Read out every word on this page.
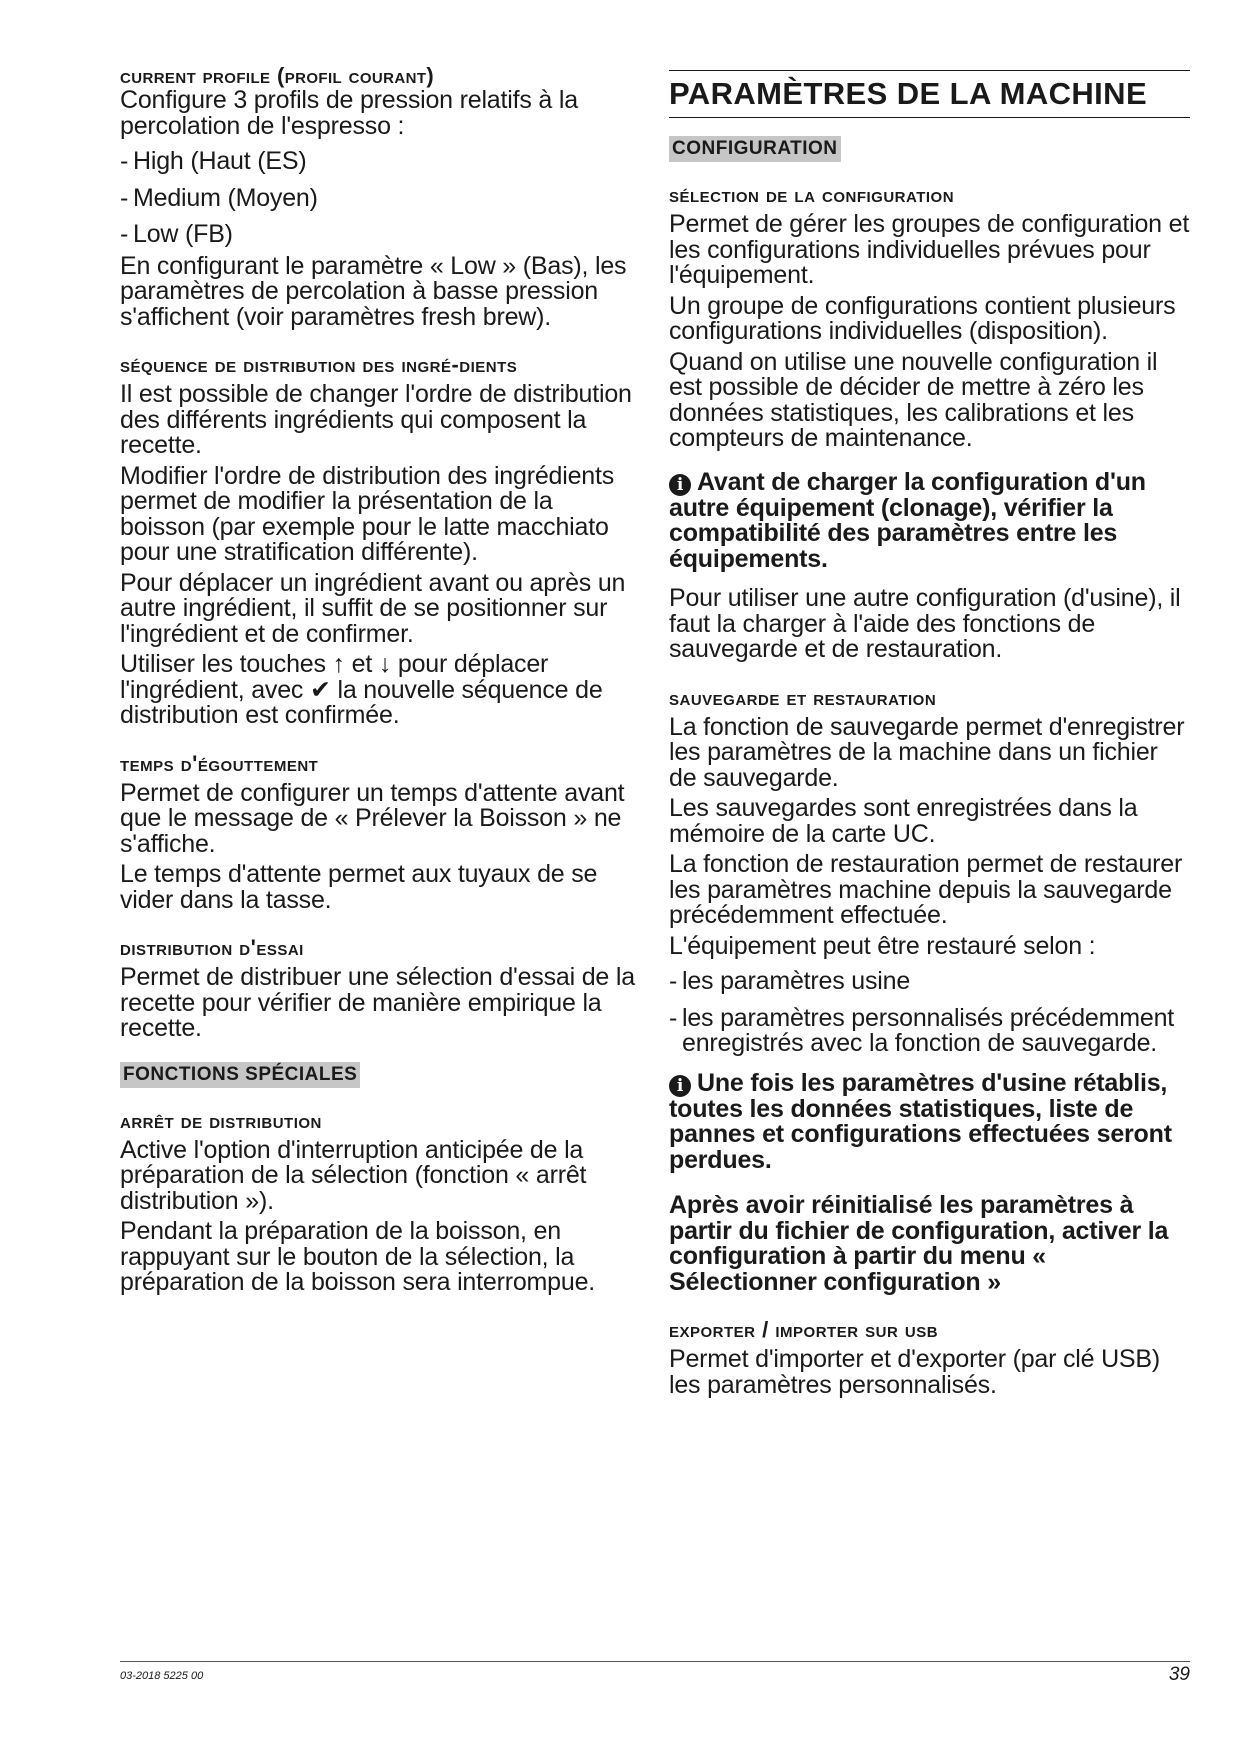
current profile (profil courant)

Configure 3 profils de pression relatifs à la percolation de l'espresso :

- High (Haut (ES)

- Medium (Moyen)

- Low (FB)

En configurant le paramètre « Low » (Bas), les paramètres de percolation à basse pression s'affichent (voir paramètres fresh brew).

séquence de distribution des ingré-dients

Il est possible de changer l'ordre de distribution des différents ingrédients qui composent la recette.

Modifier l'ordre de distribution des ingrédients permet de modifier la présentation de la boisson (par exemple pour le latte macchiato pour une stratification différente).

Pour déplacer un ingrédient avant ou après un autre ingrédient, il suffit de se positionner sur l'ingrédient et de confirmer.

Utiliser les touches ↑ et ↓ pour déplacer l'ingrédient, avec ✔ la nouvelle séquence de distribution est confirmée.

temps d'égouttement

Permet de configurer un temps d'attente avant que le message de « Prélever la Boisson » ne s'affiche.

Le temps d'attente permet aux tuyaux de se vider dans la tasse.

distribution d'essai

Permet de distribuer une sélection d'essai de la recette pour vérifier de manière empirique la recette.

FONCTIONS SPÉCIALES

arrêt de distribution

Active l'option d'interruption anticipée de la préparation de la sélection (fonction « arrêt distribution »).

Pendant la préparation de la boisson, en rappuyant sur le bouton de la sélection, la préparation de la boisson sera interrompue.

PARAMÈTRES DE LA MACHINE
CONFIGURATION

sélection de la configuration

Permet de gérer les groupes de configuration et les configurations individuelles prévues pour l'équipement.

Un groupe de configurations contient plusieurs configurations individuelles (disposition).

Quand on utilise une nouvelle configuration il est possible de décider de mettre à zéro les données statistiques, les calibrations et les compteurs de maintenance.

i Avant de charger la configuration d'un autre équipement (clonage), vérifier la compatibilité des paramètres entre les équipements.

Pour utiliser une autre configuration (d'usine), il faut la charger à l'aide des fonctions de sauvegarde et de restauration.

sauvegarde et restauration

La fonction de sauvegarde permet d'enregistrer les paramètres de la machine dans un fichier de sauvegarde.

Les sauvegardes sont enregistrées dans la mémoire de la carte UC.

La fonction de restauration permet de restaurer les paramètres machine depuis la sauvegarde précédemment effectuée.

L'équipement peut être restauré selon :

- les paramètres usine

- les paramètres personnalisés précédemment enregistrés avec la fonction de sauvegarde.

i Une fois les paramètres d'usine rétablis, toutes les données statistiques, liste de pannes et configurations effectuées seront perdues.

Après avoir réinitialisé les paramètres à partir du fichier de configuration, activer la configuration à partir du menu « Sélectionner configuration »

exporter / importer sur usb

Permet d'importer et d'exporter (par clé USB) les paramètres personnalisés.

03-2018 5225 00	39
